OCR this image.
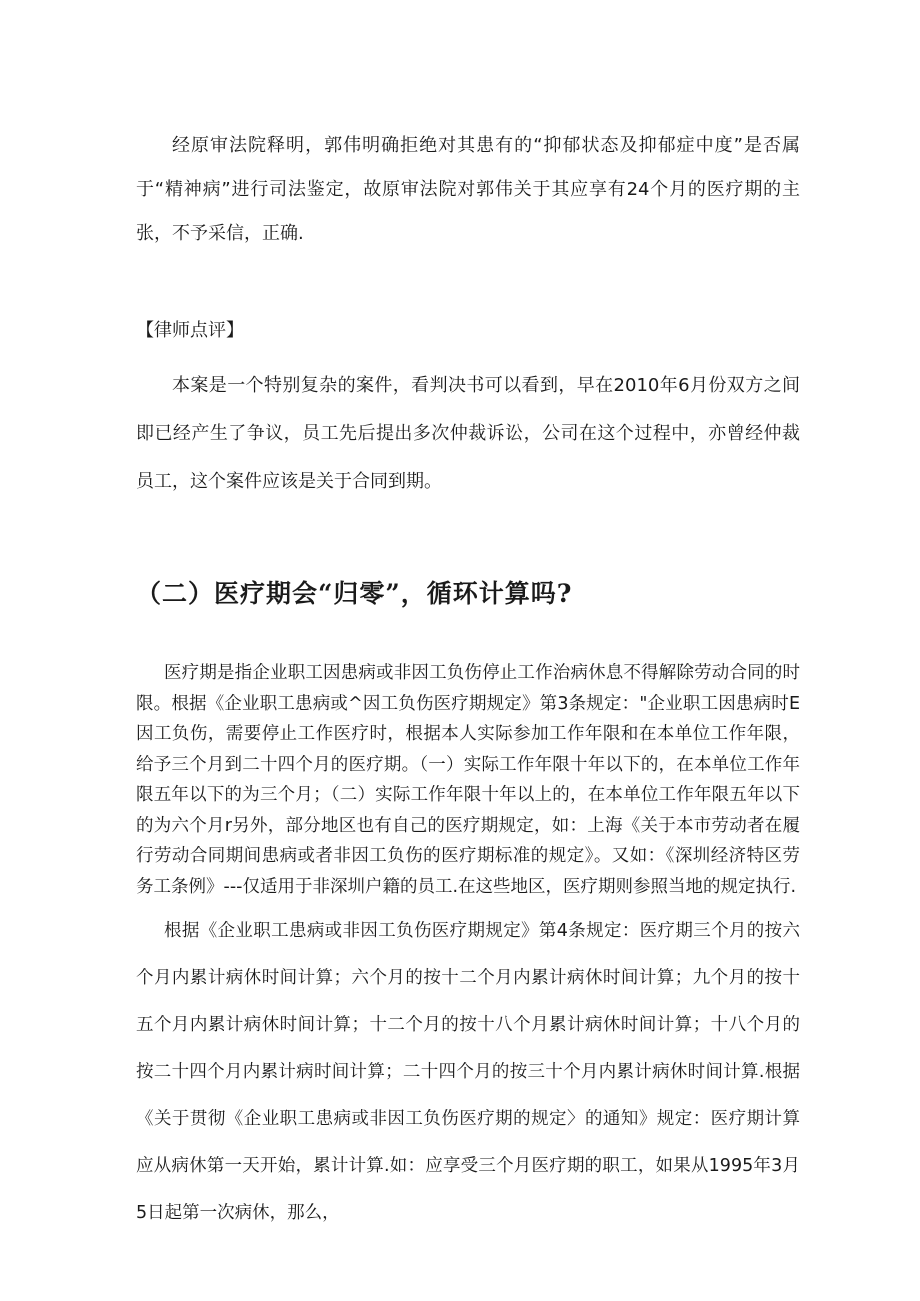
经原审法院释明，郭伟明确拒绝对其患有的“抑郁状态及抑郁症中度”是否属于“精神病”进行司法鉴定，故原审法院对郭伟关于其应享有24个月的医疗期的主张，不予采信，正确.

【律师点评】

本案是一个特别复杂的案件，看判决书可以看到，早在2010年6月份双方之间即已经产生了争议，员工先后提出多次仲裁诉讼，公司在这个过程中，亦曾经仲裁员工，这个案件应该是关于合同到期。

（二）医疗期会“归零”，循环计算吗?

医疗期是指企业职工因患病或非因工负伤停止工作治病休息不得解除劳动合同的时限。根据《企业职工患病或^因工负伤医疗期规定》第3条规定："企业职工因患病时E因工负伤，需要停止工作医疗时，根据本人实际参加工作年限和在本单位工作年限，给予三个月到二十四个月的医疗期。（一）实际工作年限十年以下的，在本单位工作年限五年以下的为三个月；（二）实际工作年限十年以上的，在本单位工作年限五年以下的为六个月r另外，部分地区也有自己的医疗期规定，如：上海《关于本市劳动者在履行劳动合同期间患病或者非因工负伤的医疗期标准的规定》。又如：《深圳经济特区劳务工条例》---仅适用于非深圳户籍的员工.在这些地区，医疗期则参照当地的规定执行.

根据《企业职工患病或非因工负伤医疗期规定》第4条规定：医疗期三个月的按六个月内累计病休时间计算；六个月的按十二个月内累计病休时间计算；九个月的按十五个月内累计病休时间计算；十二个月的按十八个月累计病休时间计算；十八个月的按二十四个月内累计病时间计算；二十四个月的按三十个月内累计病休时间计算.根据《关于贯彻《企业职工患病或非因工负伤医疗期的规定〉的通知》规定：医疗期计算应从病休第一天开始，累计计算.如：应享受三个月医疗期的职工，如果从1995年3月5日起第一次病休，那么，
